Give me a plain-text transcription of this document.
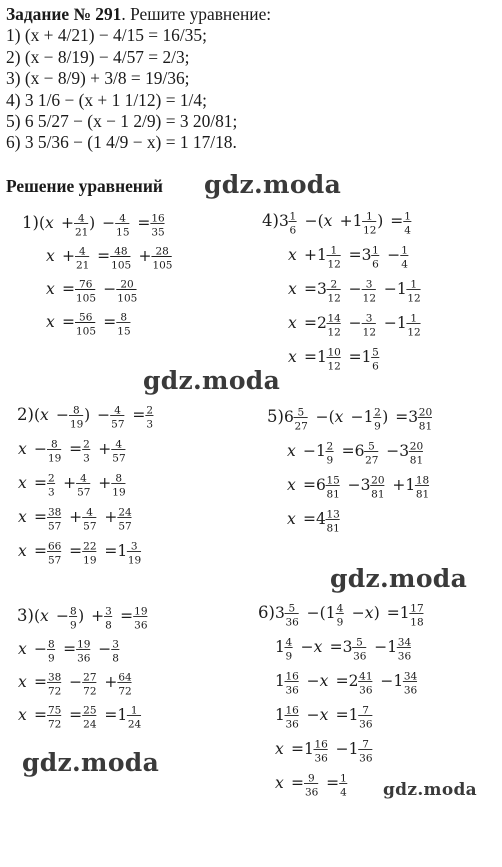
Задание № 291. Решите уравнение:
1) (x + 4/21) − 4/15 = 16/35;
2) (x − 8/19) − 4/57 = 2/3;
3) (x − 8/9) + 3/8 = 19/36;
4) 3 1/6 − (x + 1 1/12) = 1/4;
5) 6 5/27 − (x − 1 2/9) = 3 20/81;
6) 3 5/36 − (1 4/9 − x) = 1 17/18.
Решение уравнений
1) ( x + 4
21
) − 4
15
= 16
35
x + 4
21
= 48
105
+ 28
105
x = 76
105
− 20
105
x = 56
105
= 8
15
2) ( x − 8
19
) − 4
57
= 2
3
x − 8
19
= 2
3
+ 4
57
x = 2
3
+ 4
57
+ 8
19
x = 38
57
+ 4
57
+ 24
57
x = 66
57
= 22
19
= 1 3
19
3) ( x − 8
9
) + 3
8
= 19
36
x − 8
9
= 19
36
− 3
8
x = 38
72
− 27
72
+ 64
72
x = 75
72
= 25
24
= 1 1
24
4) 3 1
6
− ( x + 1 1
12
) = 1
4
x + 1 1
12
= 3 1
6
− 1
4
x = 3 2
12
− 3
12
− 1 1
12
x = 2 14
12
− 3
12
− 1 1
12
x = 1 10
12
= 1 5
6
5) 6 5
27
− ( x − 1 2
9
) = 3 20
81
x − 1 2
9
= 6 5
27
− 3 20
81
x = 6 15
81
− 3 20
81
+ 1 18
81
x = 4 13
81
6) 3 5
36
− (1 4
9
− x ) = 1 17
18
1 4
9
− x = 3 5
36
− 1 34
36
1 16
36
− x = 2 41
36
− 1 34
36
1 16
36
− x = 1 7
36
x = 1 16
36
− 1 7
36
x = 9
36
= 1
4
gdz.moda
gdz.moda
gdz.moda
gdz.moda
gdz.moda
